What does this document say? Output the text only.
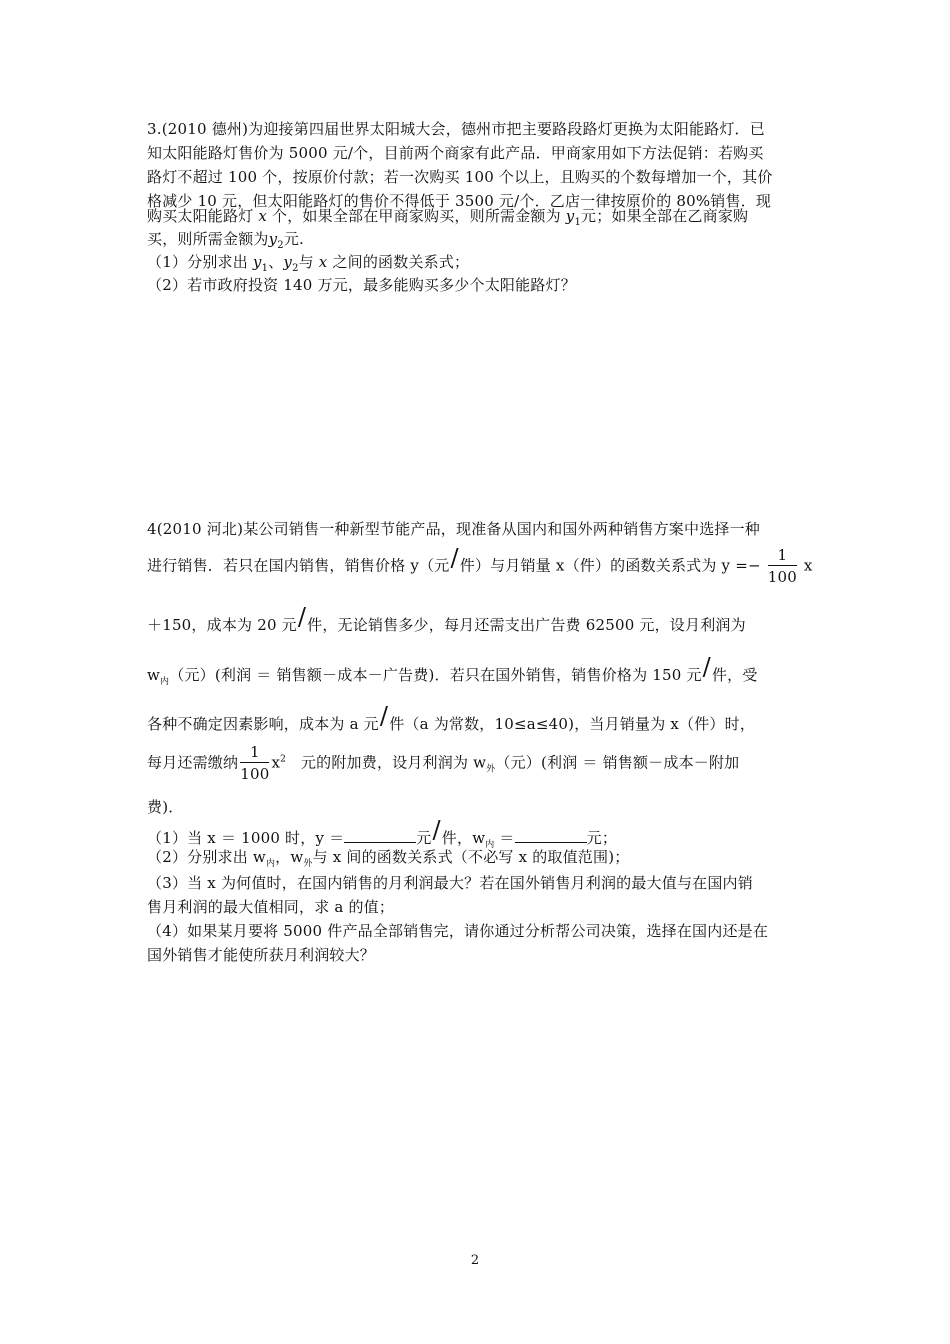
3.(2010 德州)为迎接第四届世界太阳城大会，德州市把主要路段路灯更换为太阳能路灯．已
知太阳能路灯售价为 5000 元/个，目前两个商家有此产品．甲商家用如下方法促销：若购买
路灯不超过 100 个，按原价付款；若一次购买 100 个以上，且购买的个数每增加一个，其价
格减少 10 元，但太阳能路灯的售价不得低于 3500 元/个．乙店一律按原价的 80%销售．现
购买太阳能路灯 x 个，如果全部在甲商家购买，则所需金额为 $y_1$元；如果全部在乙商家购
买，则所需金额为$y_2$元.
（1）分别求出 $y_1$、$y_2$与 x 之间的函数关系式；
（2）若市政府投资 140 万元，最多能购买多少个太阳能路灯？
4(2010 河北)某公司销售一种新型节能产品，现准备从国内和国外两种销售方案中选择一种
进行销售．若只在国内销售，销售价格 y（元/件）与月销量 x（件）的函数关系式为 $y =- \frac{1}{100}$ x
＋150，成本为 20 元/件，无论销售多少，每月还需支出广告费 62500 元，设月利润为
$w_内$（元）(利润 ＝ 销售额－成本－广告费)．若只在国外销售，销售价格为 150 元/件，受
各种不确定因素影响，成本为 a 元/件（a 为常数，10≤a≤40)，当月销量为 x（件）时，
每月还需缴纳 $\frac{1}{100} x^2$ 元的附加费，设月利润为 $w_外$（元）(利润 ＝ 销售额－成本－附加
费)．
（1）当 x ＝ 1000 时，y ＝	元/件，$w_内$ ＝	元；
（2）分别求出 $w_内$，$w_外$与 x 间的函数关系式（不必写 x 的取值范围)；
（3）当 x 为何值时，在国内销售的月利润最大？若在国外销售月利润的最大值与在国内销
售月利润的最大值相同，求 a 的值；
（4）如果某月要将 5000 件产品全部销售完，请你通过分析帮公司决策，选择在国内还是在
国外销售才能使所获月利润较大？
2
